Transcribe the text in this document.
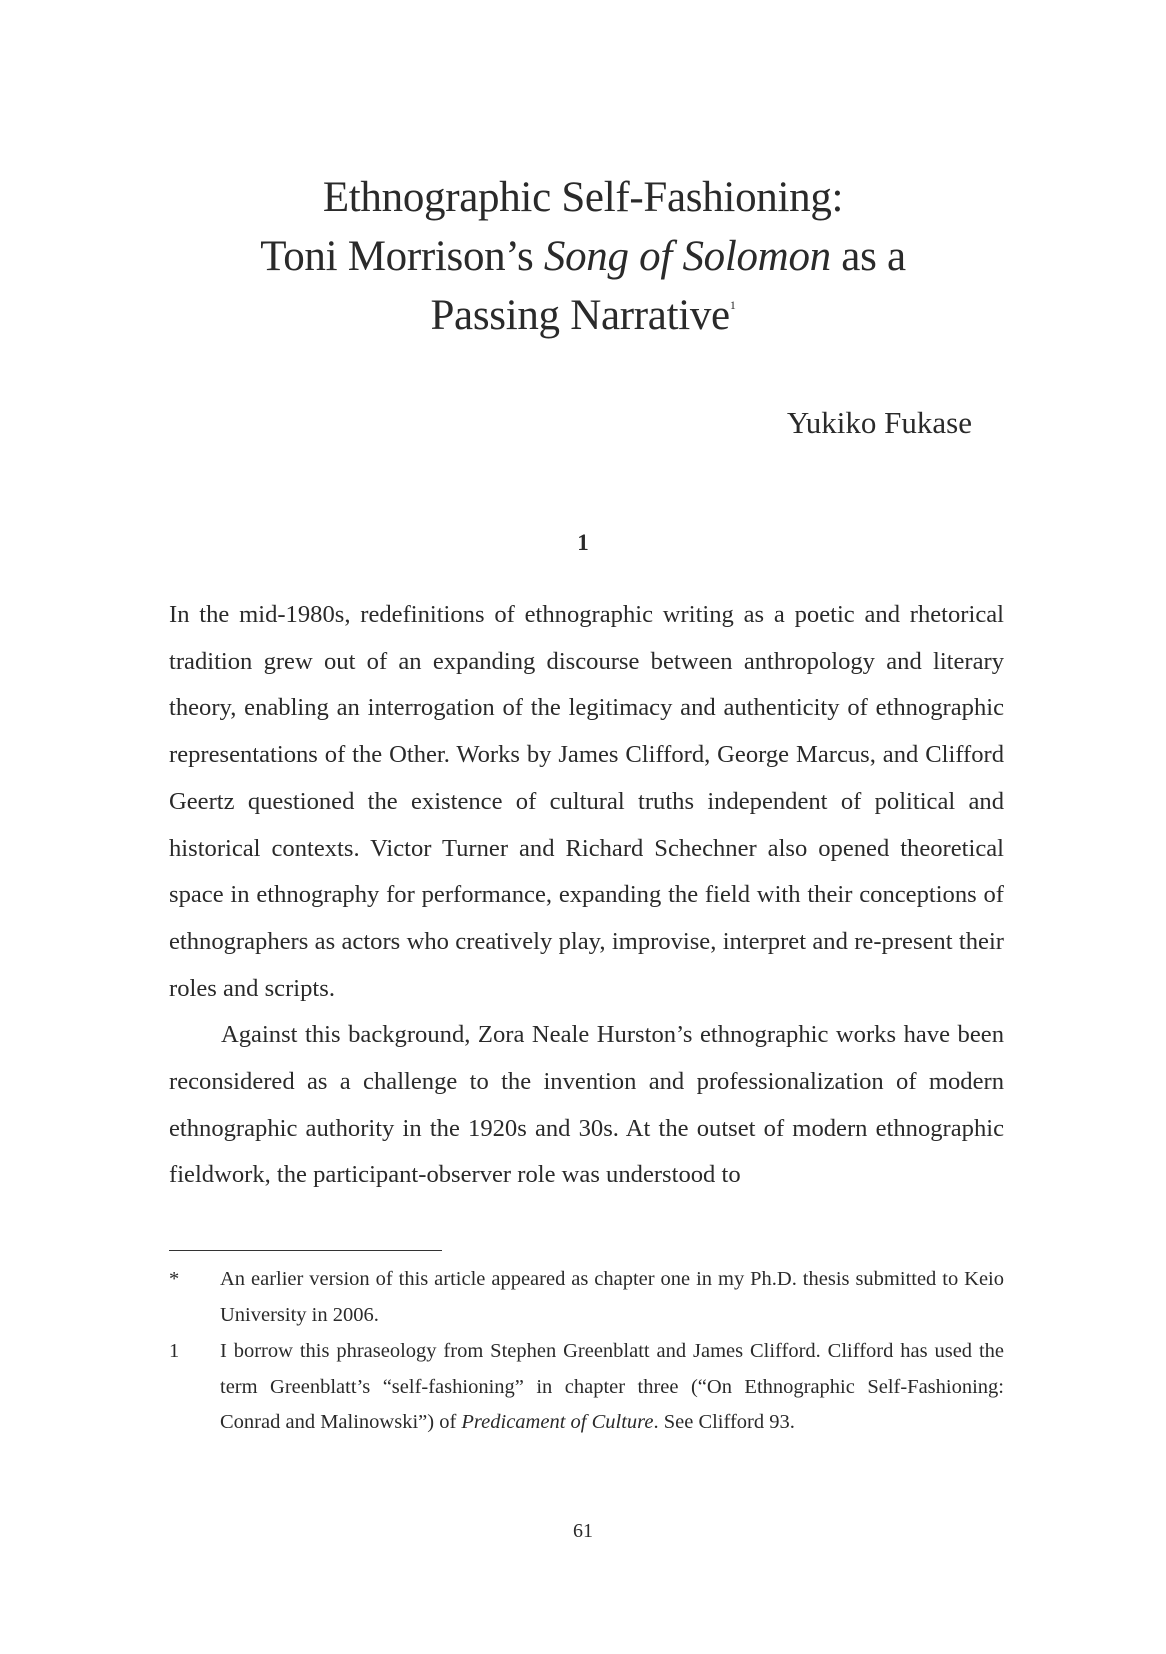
Ethnographic Self-Fashioning:
Toni Morrison’s Song of Solomon as a
Passing Narrative$^1$

Yukiko Fukase

1

In the mid-1980s, redefinitions of ethnographic writing as a poetic and rhetorical tradition grew out of an expanding discourse between anthropology and literary theory, enabling an interrogation of the legitimacy and authenticity of ethnographic representations of the Other. Works by James Clifford, George Marcus, and Clifford Geertz questioned the existence of cultural truths independent of political and historical contexts. Victor Turner and Richard Schechner also opened theoretical space in ethnography for performance, expanding the field with their conceptions of ethnographers as actors who creatively play, improvise, interpret and re-present their roles and scripts.

Against this background, Zora Neale Hurston’s ethnographic works have been reconsidered as a challenge to the invention and professionalization of modern ethnographic authority in the 1920s and 30s. At the outset of modern ethnographic fieldwork, the participant-observer role was understood to

*	An earlier version of this article appeared as chapter one in my Ph.D. thesis submitted to Keio University in 2006.
1	I borrow this phraseology from Stephen Greenblatt and James Clifford. Clifford has used the term Greenblatt’s “self-fashioning” in chapter three (“On Ethnographic Self-Fashioning: Conrad and Malinowski”) of Predicament of Culture. See Clifford 93.
61
